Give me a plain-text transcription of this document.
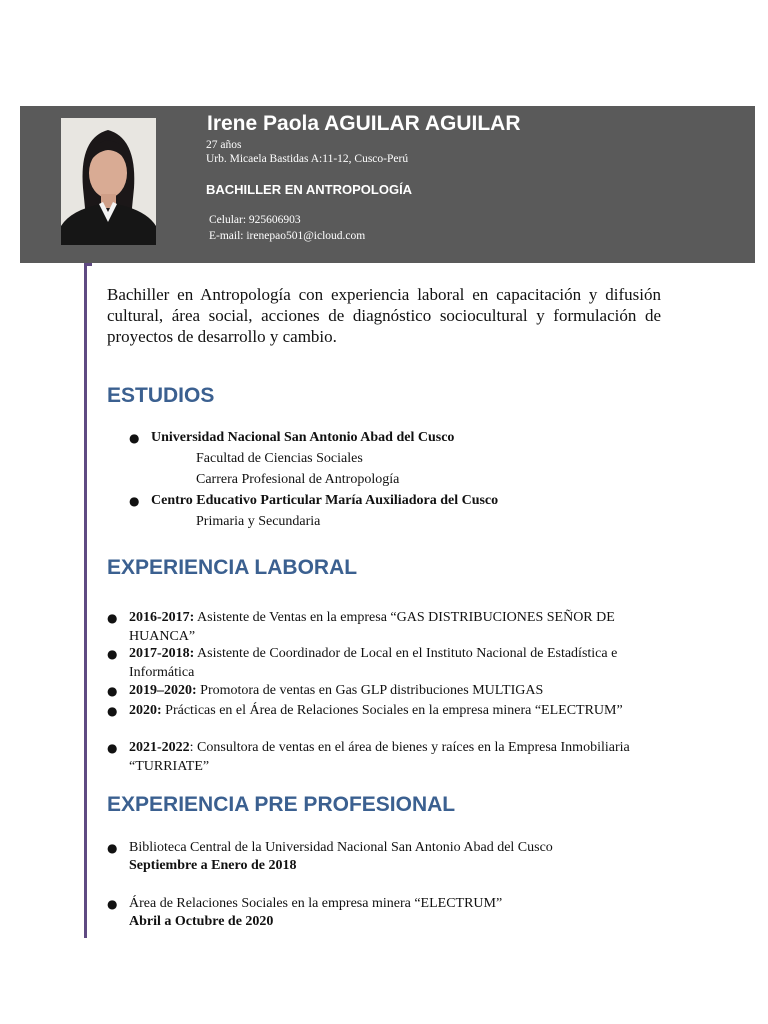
Irene Paola AGUILAR AGUILAR
27 años
Urb. Micaela Bastidas A:11-12, Cusco-Perú
BACHILLER EN ANTROPOLOGÍA
Celular: 925606903
E-mail: irenepao501@icloud.com
Bachiller en Antropología con experiencia laboral en capacitación y difusión cultural, área social, acciones de diagnóstico sociocultural y formulación de proyectos de desarrollo y cambio.
ESTUDIOS
● Universidad Nacional San Antonio Abad del Cusco
Facultad de Ciencias Sociales
Carrera Profesional de Antropología
● Centro Educativo Particular María Auxiliadora del Cusco
Primaria y Secundaria
EXPERIENCIA LABORAL
● 2016-2017: Asistente de Ventas en la empresa “GAS DISTRIBUCIONES SEÑOR DE HUANCA”
● 2017-2018: Asistente de Coordinador de Local en el Instituto Nacional de Estadística e Informática
● 2019–2020: Promotora de ventas en Gas GLP distribuciones MULTIGAS
● 2020: Prácticas en el Área de Relaciones Sociales en la empresa minera “ELECTRUM”
● 2021-2022: Consultora de ventas en el área de bienes y raíces en la Empresa Inmobiliaria “TURRIATE”
EXPERIENCIA PRE PROFESIONAL
● Biblioteca Central de la Universidad Nacional San Antonio Abad del Cusco
Septiembre a Enero de 2018
● Área de Relaciones Sociales en la empresa minera “ELECTRUM”
Abril a Octubre de 2020
